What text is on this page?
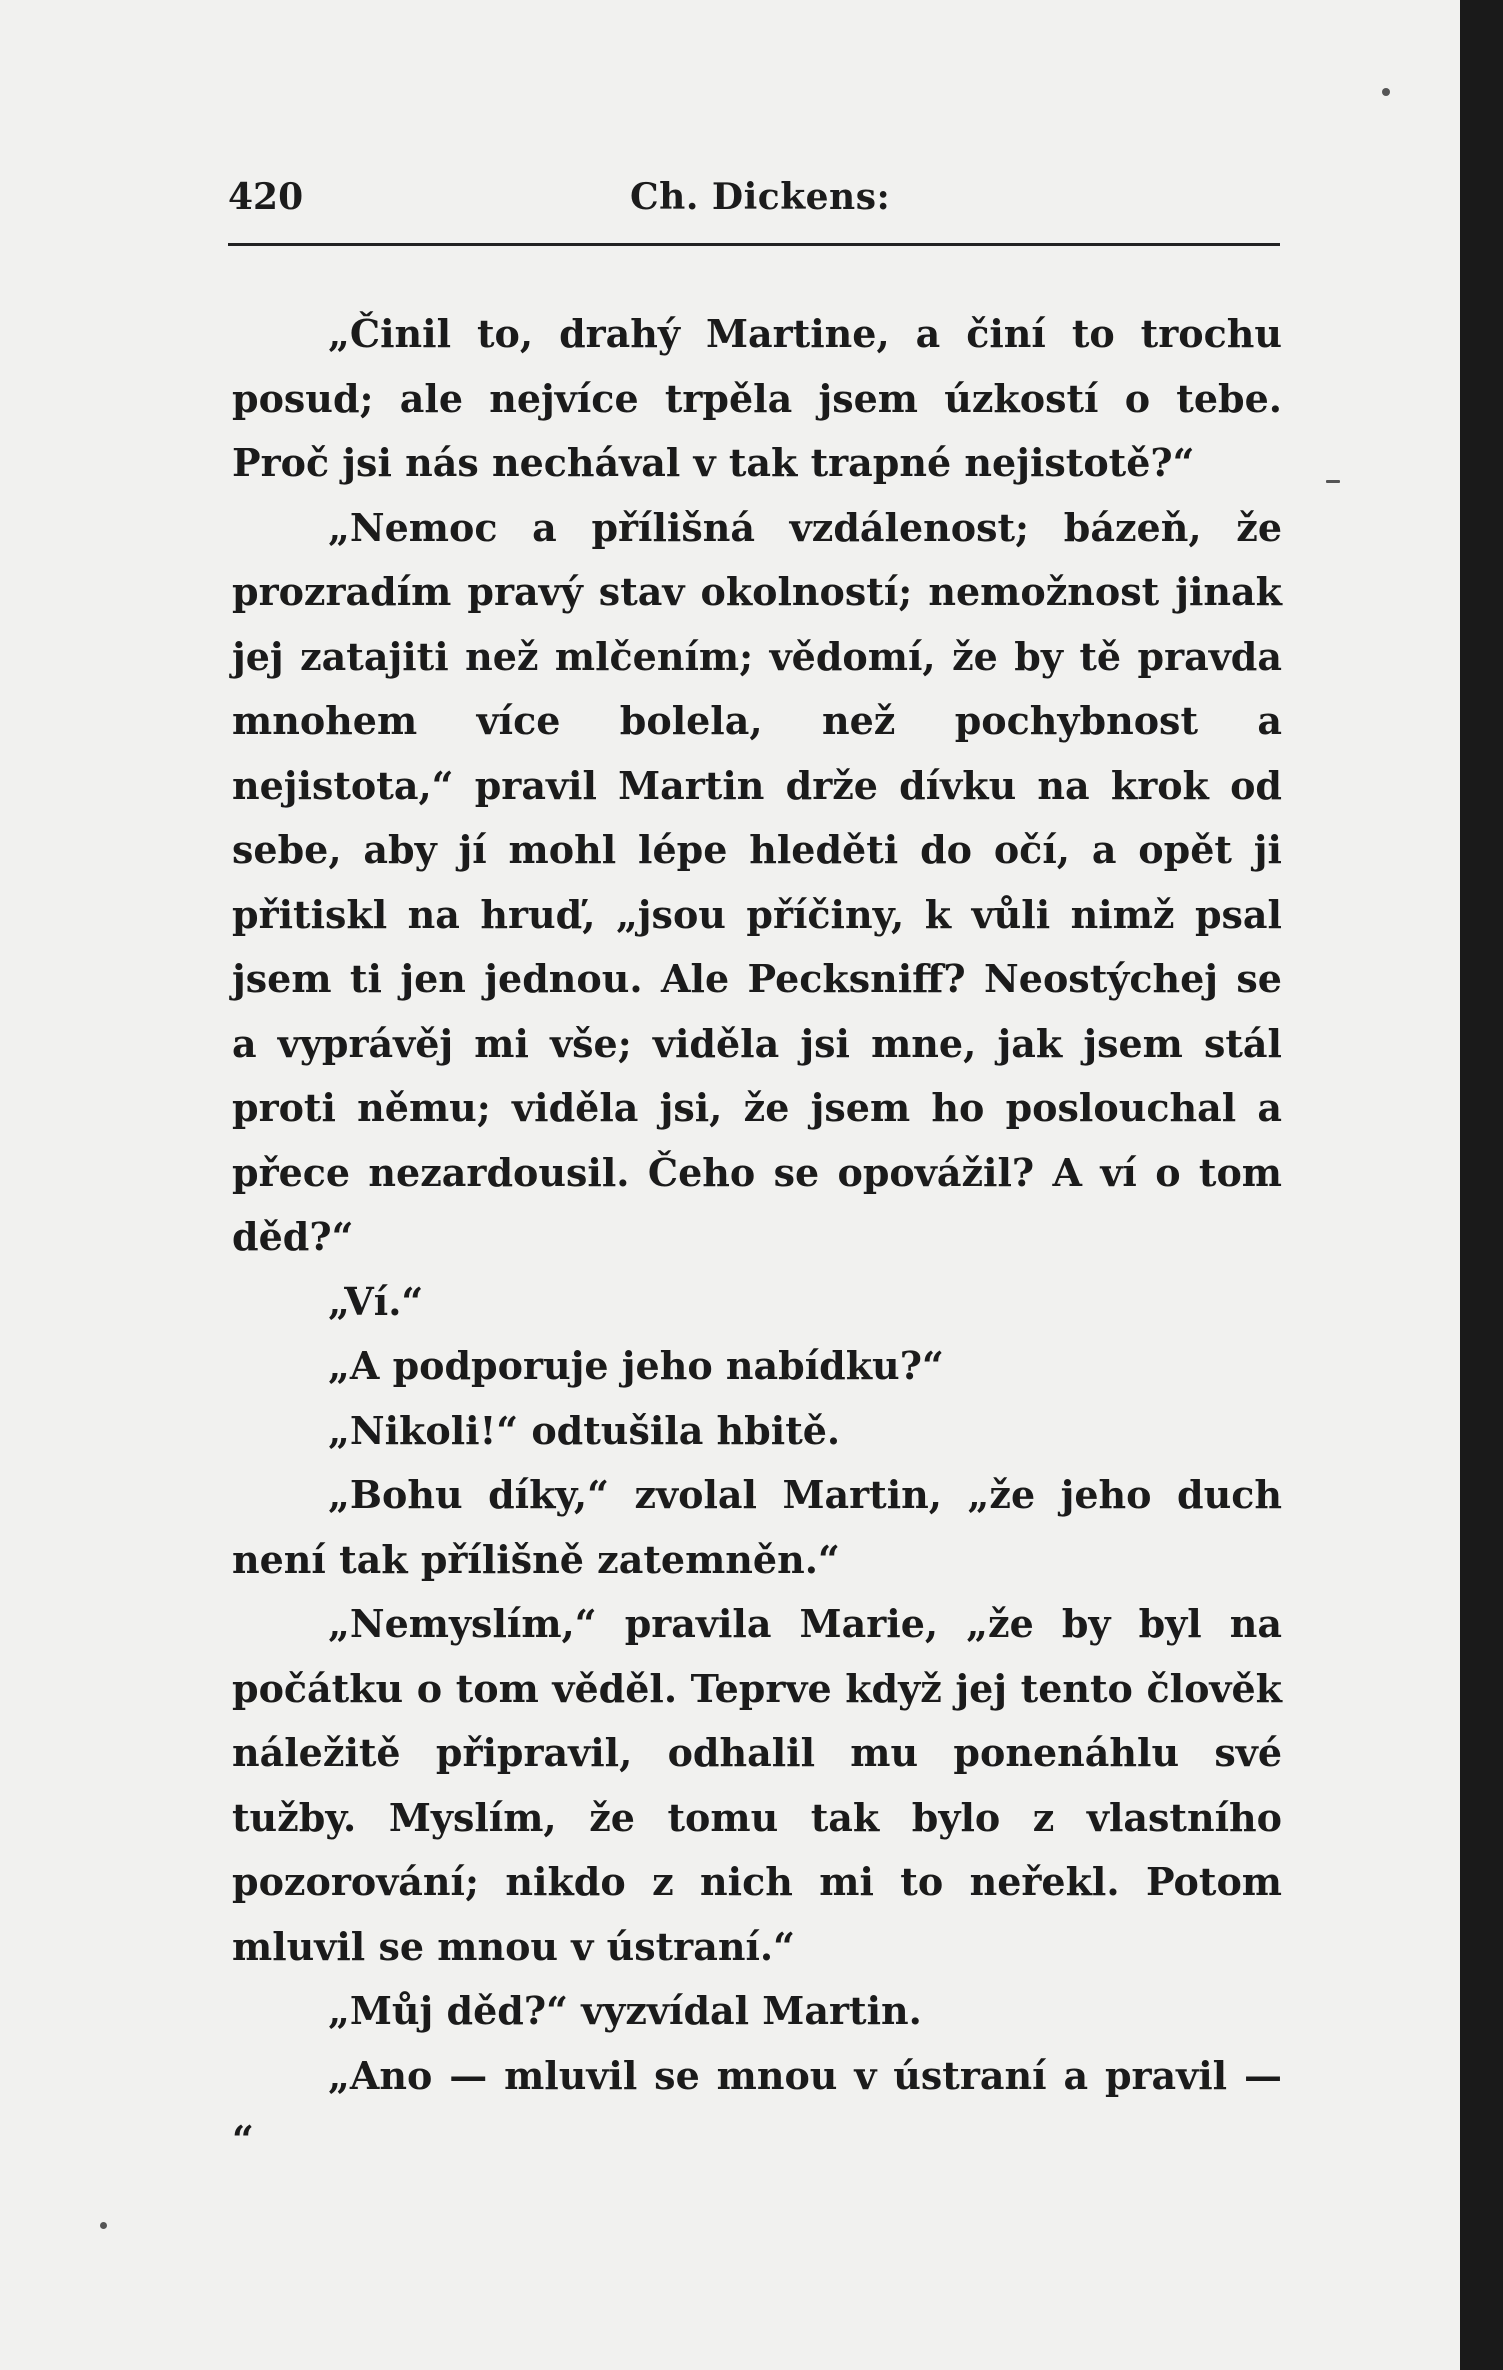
420	Ch. Dickens:

„Činil to, drahý Martine, a činí to trochu posud; ale nejvíce trpěla jsem úzkostí o tebe. Proč jsi nás nechával v tak trapné nejistotě?“

„Nemoc a přílišná vzdálenost; bázeň, že prozradím pravý stav okolností; nemožnost jinak jej zatajiti než mlčením; vědomí, že by tě pravda mnohem více bolela, než pochybnost a nejistota,“ pravil Martin drže dívku na krok od sebe, aby jí mohl lépe hleděti do očí, a opět ji přitiskl na hruď, „jsou příčiny, k vůli nimž psal jsem ti jen jednou. Ale Pecksniff? Neostýchej se a vyprávěj mi vše; viděla jsi mne, jak jsem stál proti němu; viděla jsi, že jsem ho poslouchal a přece nezardousil. Čeho se opovážil? A ví o tom děd?“

„Ví.“

„A podporuje jeho nabídku?“

„Nikoli!“ odtušila hbitě.

„Bohu díky,“ zvolal Martin, „že jeho duch není tak přílišně zatemněn.“

„Nemyslím,“ pravila Marie, „že by byl na počátku o tom věděl. Teprve když jej tento člověk náležitě připravil, odhalil mu ponenáhlu své tužby. Myslím, že tomu tak bylo z vlastního pozorování; nikdo z nich mi to neřekl. Potom mluvil se mnou v ústraní.“

„Můj děd?“ vyzvídal Martin.

„Ano — mluvil se mnou v ústraní a pravil — “
